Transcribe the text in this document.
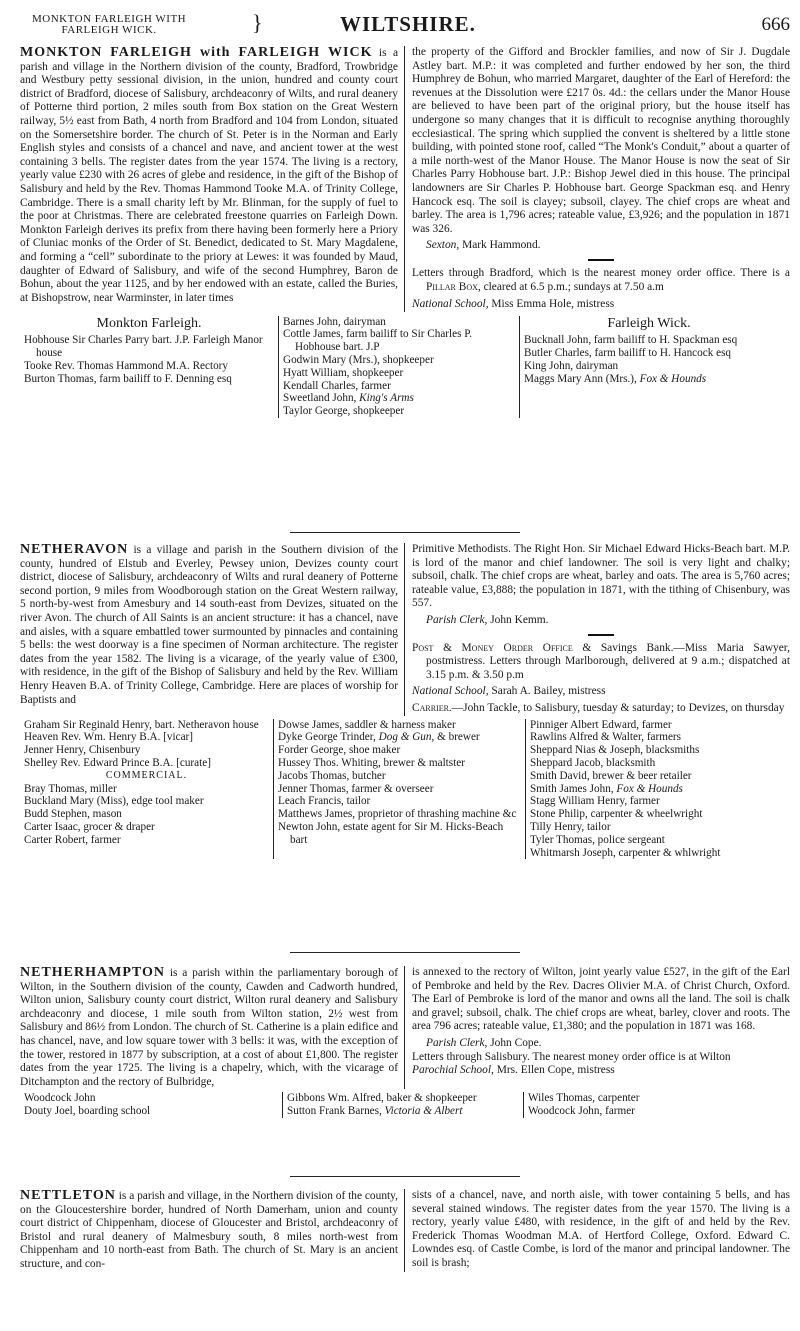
MONKTON FARLEIGH WITH
FARLEIGH WICK.	}	WILTSHIRE.	666

MONKTON FARLEIGH with FARLEIGH WICK is a parish and village in the Northern division of the county, Bradford, Trowbridge and Westbury petty sessional division, in the union, hundred and county court district of Bradford, diocese of Salisbury, archdeaconry of Wilts, and rural deanery of Potterne third portion, 2 miles south from Box station on the Great Western railway, 5½ east from Bath, 4 north from Bradford and 104 from London, situated on the Somersetshire border. The church of St. Peter is in the Norman and Early English styles and consists of a chancel and nave, and ancient tower at the west containing 3 bells. The register dates from the year 1574. The living is a rectory, yearly value £230 with 26 acres of glebe and residence, in the gift of the Bishop of Salisbury and held by the Rev. Thomas Hammond Tooke M.A. of Trinity College, Cambridge. There is a small charity left by Mr. Blinman, for the supply of fuel to the poor at Christmas. There are celebrated freestone quarries on Farleigh Down. Monkton Farleigh derives its prefix from there having been formerly here a Priory of Cluniac monks of the Order of St. Benedict, dedicated to St. Mary Magdalene, and forming a “cell” subordinate to the priory at Lewes: it was founded by Maud, daughter of Edward of Salisbury, and wife of the second Humphrey, Baron de Bohun, about the year 1125, and by her endowed with an estate, called the Buries, at Bishopstrow, near Warminster, in later times

the property of the Gifford and Brockler families, and now of Sir J. Dugdale Astley bart. M.P.: it was completed and further endowed by her son, the third Humphrey de Bohun, who married Margaret, daughter of the Earl of Hereford: the revenues at the Dissolution were £217 0s. 4d.: the cellars under the Manor House are believed to have been part of the original priory, but the house itself has undergone so many changes that it is difficult to recognise anything thoroughly ecclesiastical. The spring which supplied the convent is sheltered by a little stone building, with pointed stone roof, called “The Monk's Conduit,” about a quarter of a mile north-west of the Manor House. The Manor House is now the seat of Sir Charles Parry Hobhouse bart. J.P.: Bishop Jewel died in this house. The principal landowners are Sir Charles P. Hobhouse bart. George Spackman esq. and Henry Hancock esq. The soil is clayey; subsoil, clayey. The chief crops are wheat and barley. The area is 1,796 acres; rateable value, £3,926; and the population in 1871 was 326.

Sexton, Mark Hammond.

Letters through Bradford, which is the nearest money order office. There is a Pillar Box, cleared at 6.5 p.m.; sundays at 7.50 a.m

National School, Miss Emma Hole, mistress

Monkton Farleigh.
Hobhouse Sir Charles Parry bart. J.P. Farleigh Manor house
Tooke Rev. Thomas Hammond M.A. Rectory
Burton Thomas, farm bailiff to F. Denning esq
Barnes John, dairyman
Cottle James, farm bailiff to Sir Charles P. Hobhouse bart. J.P
Godwin Mary (Mrs.), shopkeeper
Hyatt William, shopkeeper
Kendall Charles, farmer
Sweetland John, King's Arms
Taylor George, shopkeeper
Farleigh Wick.
Bucknall John, farm bailiff to H. Spackman esq
Butler Charles, farm bailiff to H. Hancock esq
King John, dairyman
Maggs Mary Ann (Mrs.), Fox & Hounds

NETHERAVON is a village and parish in the Southern division of the county, hundred of Elstub and Everley, Pewsey union, Devizes county court district, diocese of Salisbury, archdeaconry of Wilts and rural deanery of Potterne second portion, 9 miles from Woodborough station on the Great Western railway, 5 north-by-west from Amesbury and 14 south-east from Devizes, situated on the river Avon. The church of All Saints is an ancient structure: it has a chancel, nave and aisles, with a square embattled tower surmounted by pinnacles and containing 5 bells: the west doorway is a fine specimen of Norman architecture. The register dates from the year 1582. The living is a vicarage, of the yearly value of £300, with residence, in the gift of the Bishop of Salisbury and held by the Rev. William Henry Heaven B.A. of Trinity College, Cambridge. Here are places of worship for Baptists and

Primitive Methodists. The Right Hon. Sir Michael Edward Hicks-Beach bart. M.P. is lord of the manor and chief landowner. The soil is very light and chalky; subsoil, chalk. The chief crops are wheat, barley and oats. The area is 5,760 acres; rateable value, £3,888; the population in 1871, with the tithing of Chisenbury, was 557.

Parish Clerk, John Kemm.

Post & Money Order Office & Savings Bank.—Miss Maria Sawyer, postmistress. Letters through Marlborough, delivered at 9 a.m.; dispatched at 3.15 p.m. & 3.50 p.m

National School, Sarah A. Bailey, mistress

Carrier.—John Tackle, to Salisbury, tuesday & saturday; to Devizes, on thursday

Graham Sir Reginald Henry, bart. Netheravon house
Heaven Rev. Wm. Henry B.A. [vicar]
Jenner Henry, Chisenbury
Shelley Rev. Edward Prince B.A. [curate]
COMMERCIAL.
Bray Thomas, miller
Buckland Mary (Miss), edge tool maker
Budd Stephen, mason
Carter Isaac, grocer & draper
Carter Robert, farmer
Dowse James, saddler & harness maker
Dyke George Trinder, Dog & Gun, & brewer
Forder George, shoe maker
Hussey Thos. Whiting, brewer & maltster
Jacobs Thomas, butcher
Jenner Thomas, farmer & overseer
Leach Francis, tailor
Matthews James, proprietor of thrashing machine &c
Newton John, estate agent for Sir M. Hicks-Beach bart
Pinniger Albert Edward, farmer
Rawlins Alfred & Walter, farmers
Sheppard Nias & Joseph, blacksmiths
Sheppard Jacob, blacksmith
Smith David, brewer & beer retailer
Smith James John, Fox & Hounds
Stagg William Henry, farmer
Stone Philip, carpenter & wheelwright
Tilly Henry, tailor
Tyler Thomas, police sergeant
Whitmarsh Joseph, carpenter & whlwright

NETHERHAMPTON is a parish within the parliamentary borough of Wilton, in the Southern division of the county, Cawden and Cadworth hundred, Wilton union, Salisbury county court district, Wilton rural deanery and Salisbury archdeaconry and diocese, 1 mile south from Wilton station, 2½ west from Salisbury and 86½ from London. The church of St. Catherine is a plain edifice and has chancel, nave, and low square tower with 3 bells: it was, with the exception of the tower, restored in 1877 by subscription, at a cost of about £1,800. The register dates from the year 1725. The living is a chapelry, which, with the vicarage of Ditchampton and the rectory of Bulbridge,

is annexed to the rectory of Wilton, joint yearly value £527, in the gift of the Earl of Pembroke and held by the Rev. Dacres Olivier M.A. of Christ Church, Oxford. The Earl of Pembroke is lord of the manor and owns all the land. The soil is chalk and gravel; subsoil, chalk. The chief crops are wheat, barley, clover and roots. The area 796 acres; rateable value, £1,380; and the population in 1871 was 168.

Parish Clerk, John Cope.

Letters through Salisbury. The nearest money order office is at Wilton

Parochial School, Mrs. Ellen Cope, mistress

Woodcock John
Douty Joel, boarding school
Gibbons Wm. Alfred, baker & shopkeeper
Sutton Frank Barnes, Victoria & Albert
Wiles Thomas, carpenter
Woodcock John, farmer

NETTLETON is a parish and village, in the Northern division of the county, on the Gloucestershire border, hundred of North Damerham, union and county court district of Chippenham, diocese of Gloucester and Bristol, archdeaconry of Bristol and rural deanery of Malmesbury south, 8 miles north-west from Chippenham and 10 north-east from Bath. The church of St. Mary is an ancient structure, and con-

sists of a chancel, nave, and north aisle, with tower containing 5 bells, and has several stained windows. The register dates from the year 1570. The living is a rectory, yearly value £480, with residence, in the gift of and held by the Rev. Frederick Thomas Woodman M.A. of Hertford College, Oxford. Edward C. Lowndes esq. of Castle Combe, is lord of the manor and principal landowner. The soil is brash;
